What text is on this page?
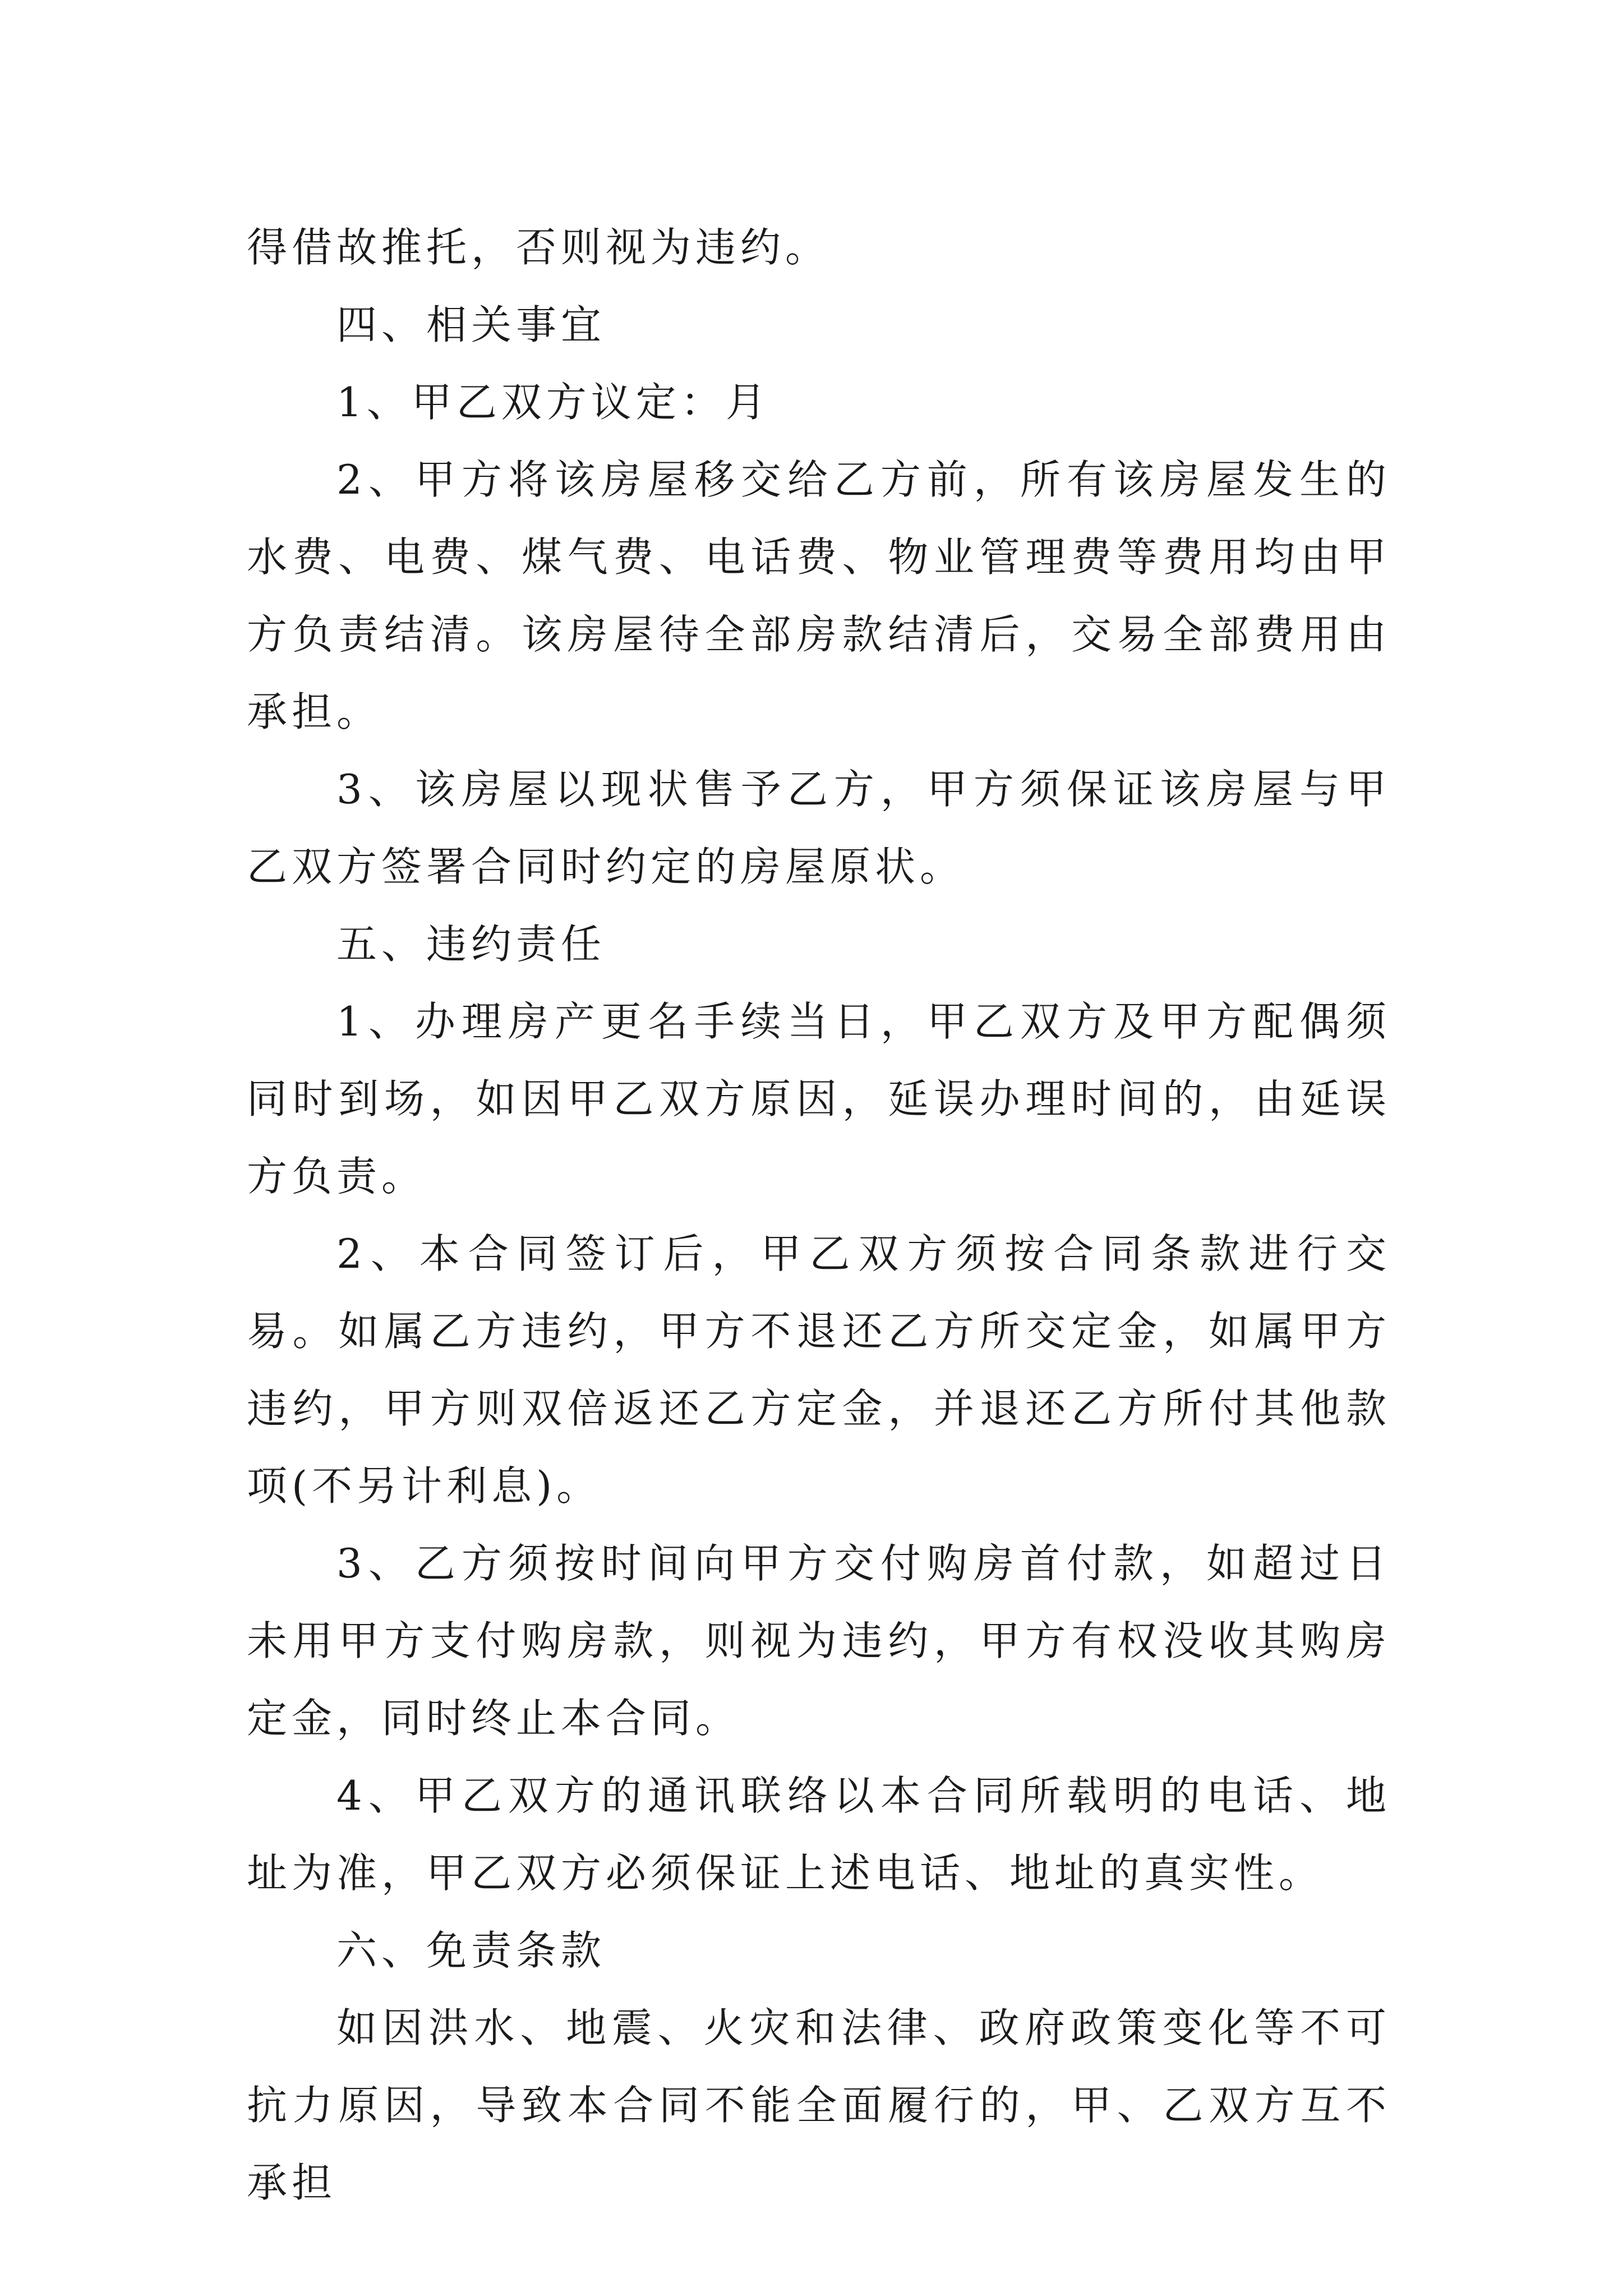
得借故推托，否则视为违约。

四、相关事宜

1、甲乙双方议定：月

2、甲方将该房屋移交给乙方前，所有该房屋发生的水费、电费、煤气费、电话费、物业管理费等费用均由甲方负责结清。该房屋待全部房款结清后，交易全部费用由 承担。

3、该房屋以现状售予乙方，甲方须保证该房屋与甲乙双方签署合同时约定的房屋原状。

五、违约责任

1、办理房产更名手续当日，甲乙双方及甲方配偶须同时到场，如因甲乙双方原因，延误办理时间的，由延误方负责。

2、本合同签订后，甲乙双方须按合同条款进行交易。如属乙方违约，甲方不退还乙方所交定金，如属甲方违约，甲方则双倍返还乙方定金，并退还乙方所付其他款项(不另计利息)。

3、乙方须按时间向甲方交付购房首付款，如超过日未用甲方支付购房款，则视为违约，甲方有权没收其购房定金，同时终止本合同。

4、甲乙双方的通讯联络以本合同所载明的电话、地址为准，甲乙双方必须保证上述电话、地址的真实性。

六、免责条款

如因洪水、地震、火灾和法律、政府政策变化等不可抗力原因，导致本合同不能全面履行的，甲、乙双方互不承担
